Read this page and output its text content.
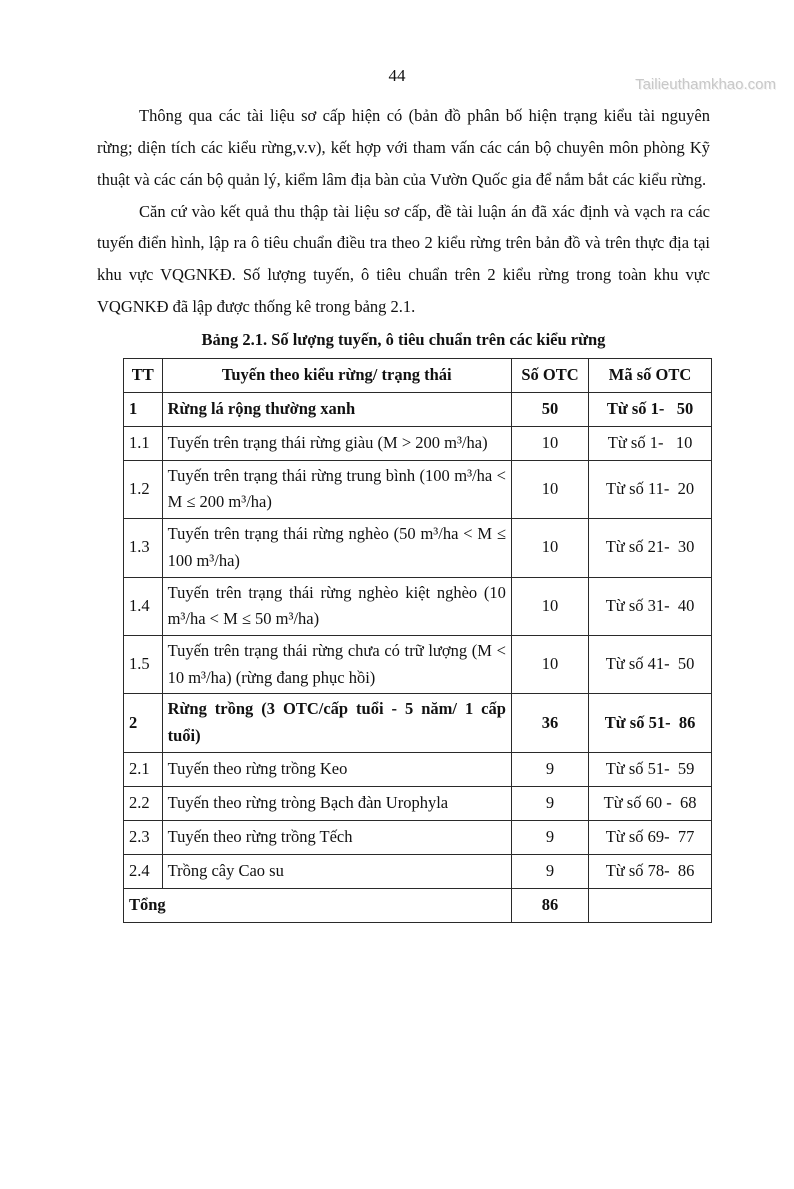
Tailieuthamkhao.com
44

Thông qua các tài liệu sơ cấp hiện có (bản đồ phân bố hiện trạng kiểu tài nguyên rừng; diện tích các kiểu rừng,v.v), kết hợp với tham vấn các cán bộ chuyên môn phòng Kỹ thuật và các cán bộ quản lý, kiểm lâm địa bàn của Vườn Quốc gia để nắm bắt các kiểu rừng.

Căn cứ vào kết quả thu thập tài liệu sơ cấp, đề tài luận án đã xác định và vạch ra các tuyến điển hình, lập ra ô tiêu chuẩn điều tra theo 2 kiểu rừng trên bản đồ và trên thực địa tại khu vực VQGNKĐ. Số lượng tuyến, ô tiêu chuẩn trên 2 kiểu rừng trong toàn khu vực VQGNKĐ đã lập được thống kê trong bảng 2.1.

Bảng 2.1. Số lượng tuyến, ô tiêu chuẩn trên các kiểu rừng
TT	Tuyến theo kiểu rừng/ trạng thái	Số OTC	Mã số OTC
1	Rừng lá rộng thường xanh	50	Từ số 1-   50
1.1	Tuyến trên trạng thái rừng giàu (M > 200 m³/ha)	10	Từ số 1-   10
1.2	Tuyến trên trạng thái rừng trung bình (100 m³/ha < M ≤ 200 m³/ha)	10	Từ số 11-  20
1.3	Tuyến trên trạng thái rừng nghèo (50 m³/ha < M ≤ 100 m³/ha)	10	Từ số 21-  30
1.4	Tuyến trên trạng thái rừng nghèo kiệt nghèo (10 m³/ha < M ≤ 50 m³/ha)	10	Từ số 31-  40
1.5	Tuyến trên trạng thái rừng chưa có trữ lượng (M < 10 m³/ha) (rừng đang phục hồi)	10	Từ số 41-  50
2	Rừng trồng (3 OTC/cấp tuổi - 5 năm/ 1 cấp tuổi)	36	Từ số 51-  86
2.1	Tuyến theo rừng trồng Keo	9	Từ số 51-  59
2.2	Tuyến theo rừng tròng Bạch đàn Urophyla	9	Từ số 60 -  68
2.3	Tuyến theo rừng trồng Tếch	9	Từ số 69-  77
2.4	Trồng cây Cao su	9	Từ số 78-  86
Tổng		86	
